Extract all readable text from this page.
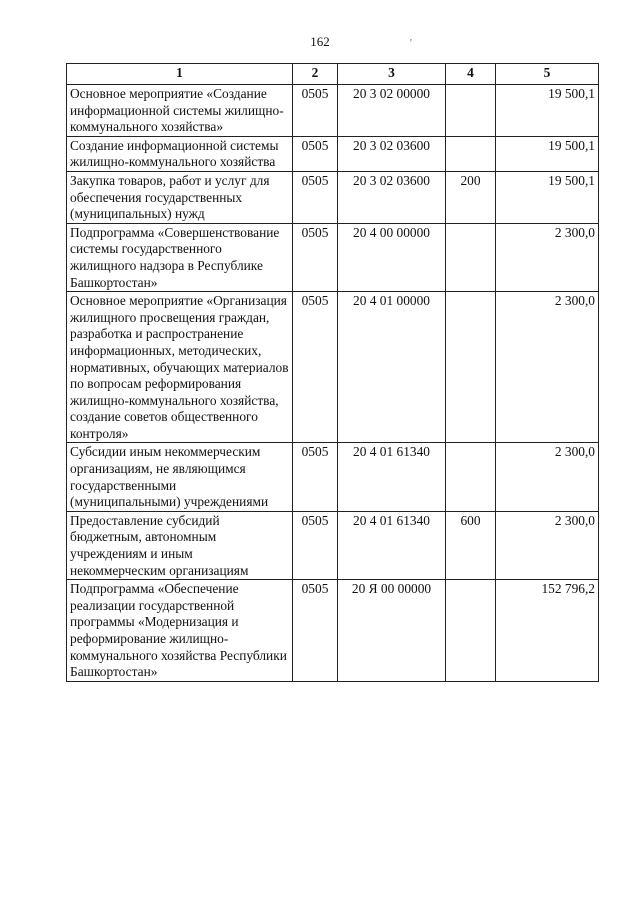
162	'
1	2	3	4	5
Основное мероприятие «Создание информационной системы жилищно-коммунального хозяйства»	0505	20 3 02 00000		19 500,1
Создание информационной системы жилищно-коммунального хозяйства	0505	20 3 02 03600		19 500,1
Закупка товаров, работ и услуг для обеспечения государственных (муниципальных) нужд	0505	20 3 02 03600	200	19 500,1
Подпрограмма «Совершенствование системы государственного жилищного надзора в Республике Башкортостан»	0505	20 4 00 00000		2 300,0
Основное мероприятие «Организация жилищного просвещения граждан, разработка и распространение информационных, методических, нормативных, обучающих материалов по вопросам реформирования жилищно-коммунального хозяйства, создание советов общественного контроля»	0505	20 4 01 00000		2 300,0
Субсидии иным некоммерческим организациям, не являющимся государственными (муниципальными) учреждениями	0505	20 4 01 61340		2 300,0
Предоставление субсидий бюджетным, автономным учреждениям и иным некоммерческим организациям	0505	20 4 01 61340	600	2 300,0
Подпрограмма «Обеспечение реализации государственной программы «Модернизация и реформирование жилищно-коммунального хозяйства Республики Башкортостан»	0505	20 Я 00 00000		152 796,2
